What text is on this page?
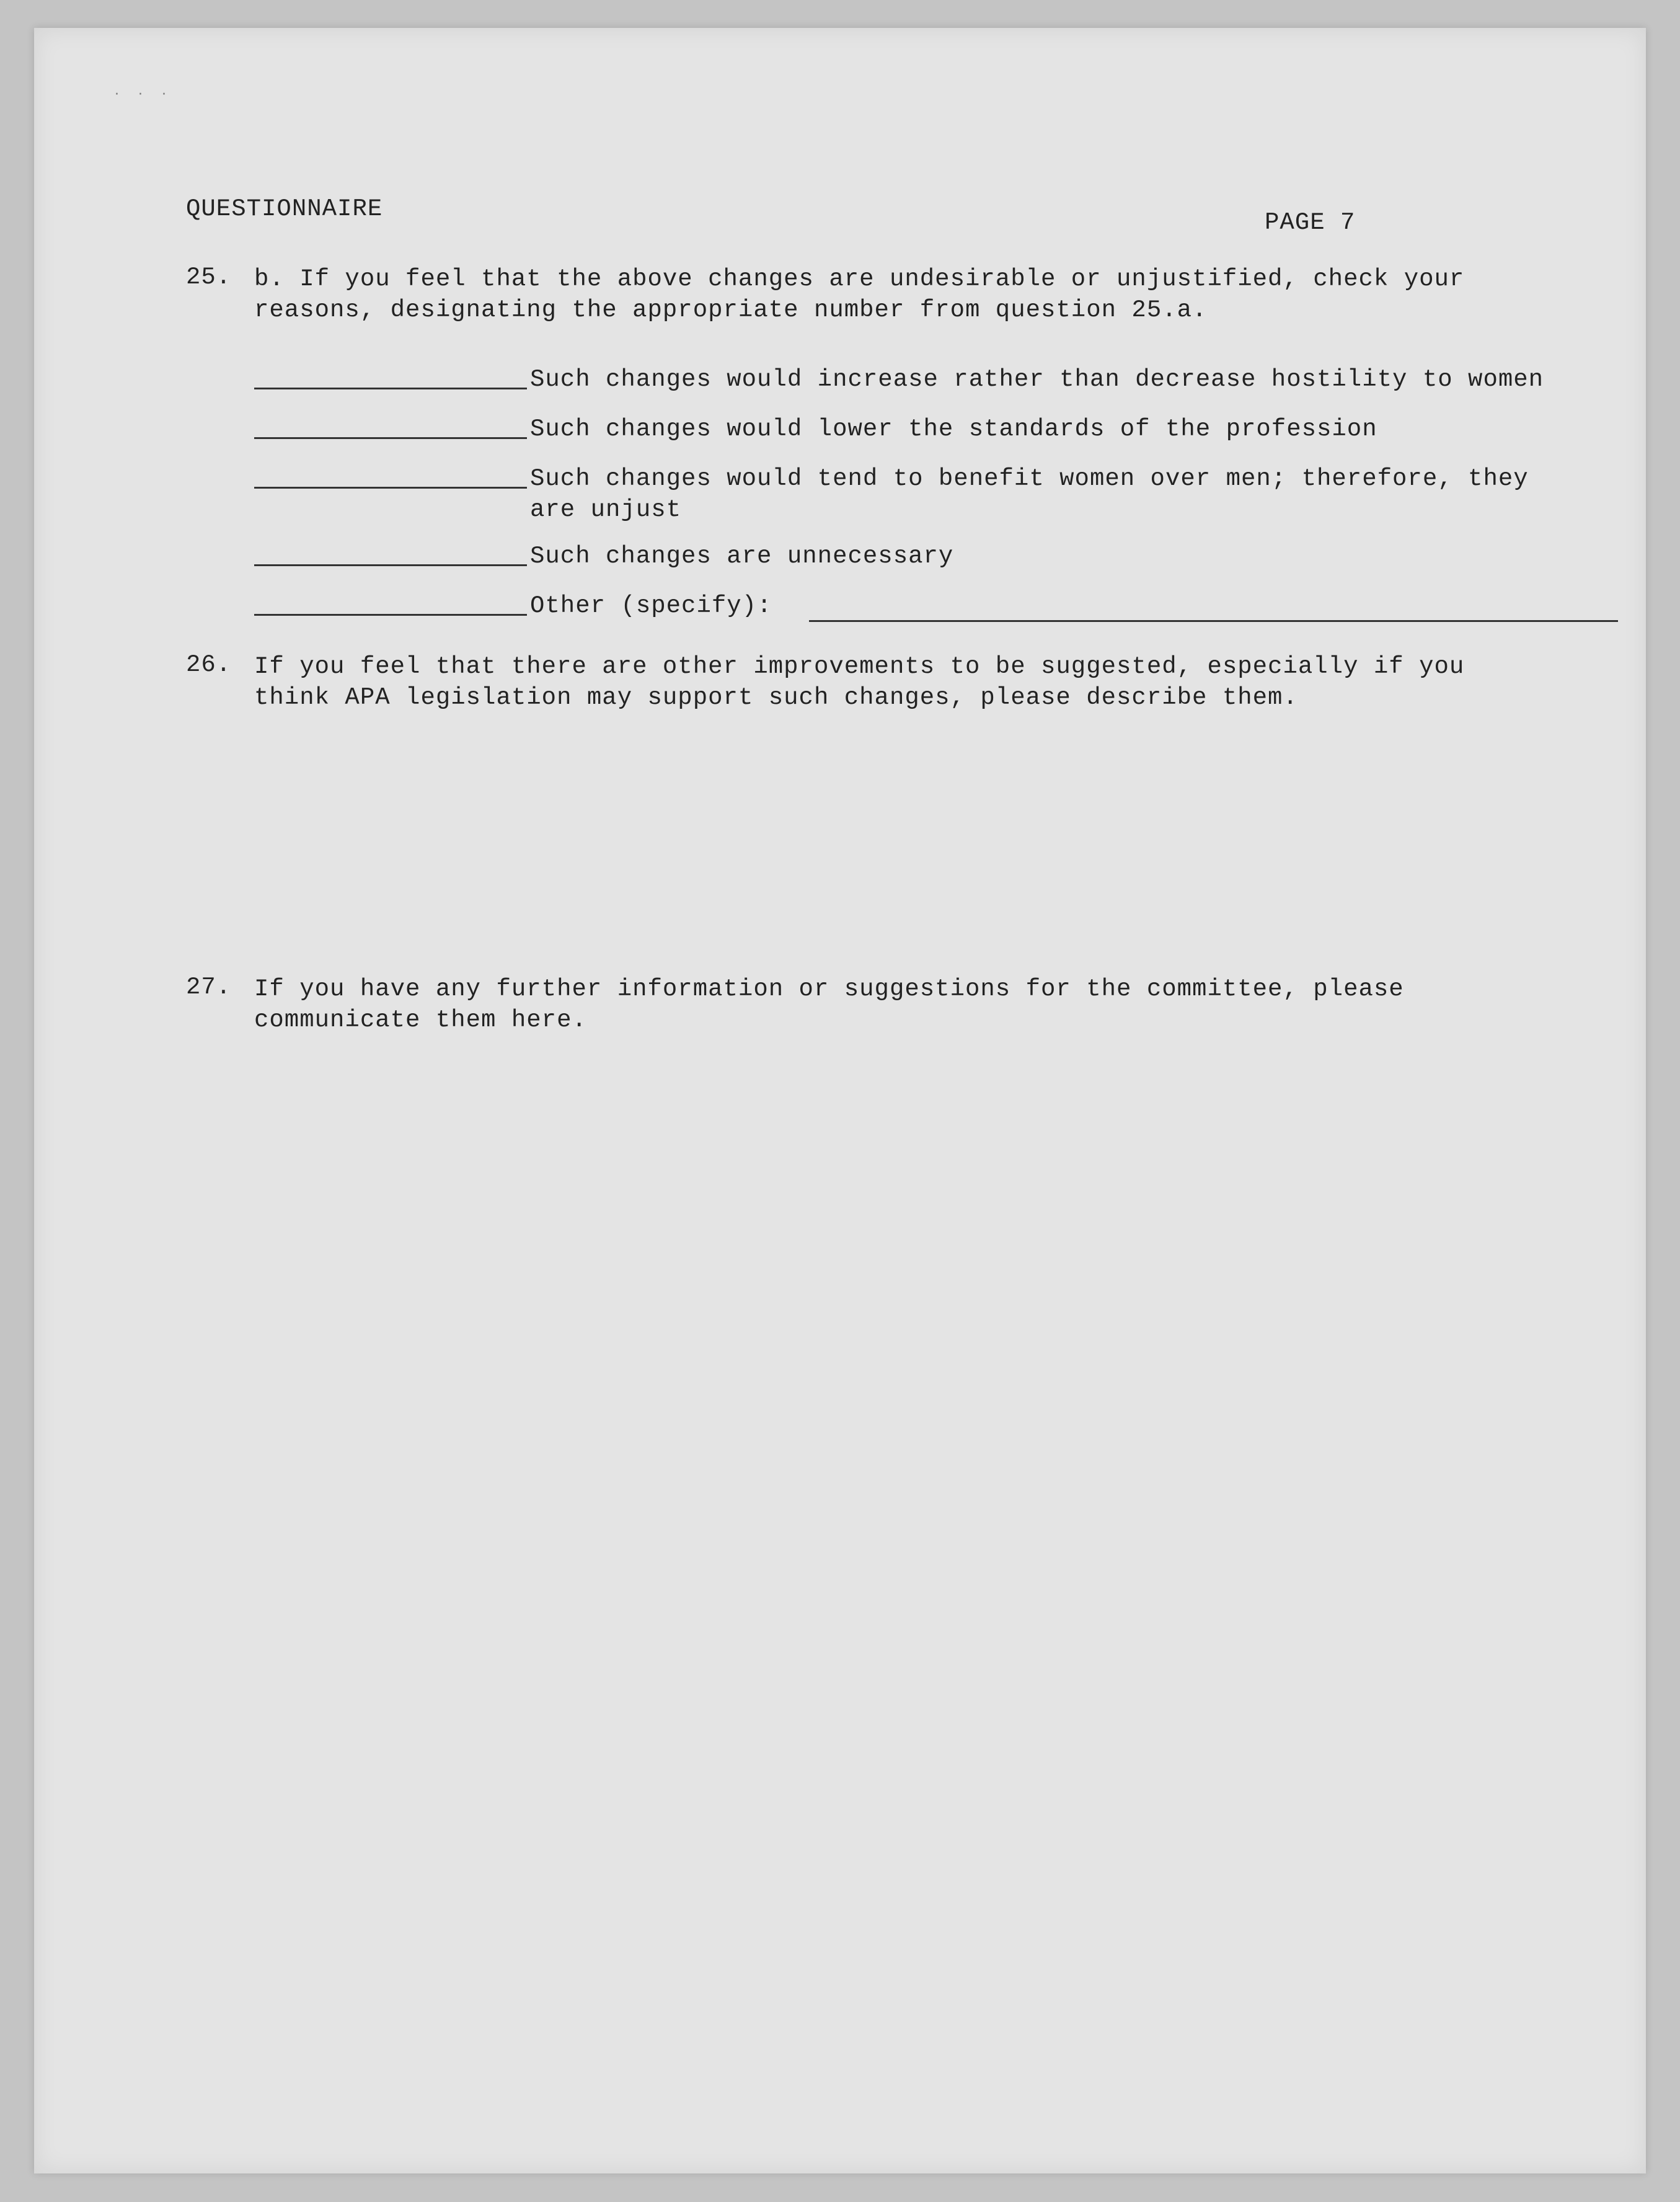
· · ·
QUESTIONNAIRE	PAGE 7
25. b. If you feel that the above changes are undesirable or unjustified, check your
reasons, designating the appropriate number from question 25.a.
Such changes would increase rather than decrease hostility to women
Such changes would lower the standards of the profession
Such changes would tend to benefit women over men; therefore, they
are unjust
Such changes are unnecessary
Other (specify):
26. If you feel that there are other improvements to be suggested, especially if you
think APA legislation may support such changes, please describe them.
27. If you have any further information or suggestions for the committee, please
communicate them here.
